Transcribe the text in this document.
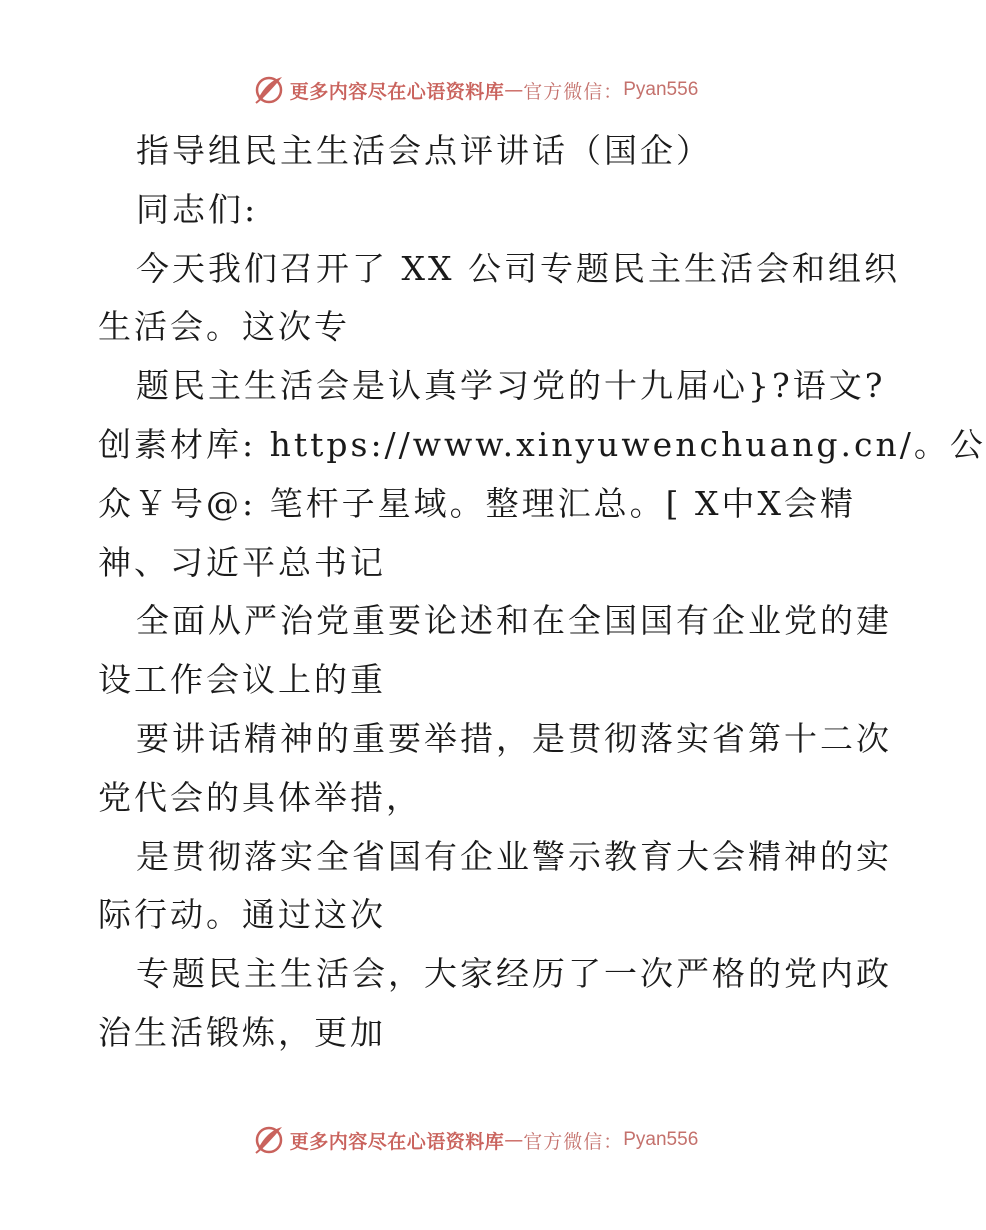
更多内容尽在心语资料库 — 官方微信： Pyan556
指导组民主生活会点评讲话（国企）
同志们:
今天我们召开了 XX 公司专题民主生活会和组织
生活会。这次专
题民主生活会是认真学习党的十九届心}?语文?
创素材库: https://www.xinyuwenchuang.cn/。公
众￥号@: 笔杆子星域。整理汇总。[ X中X会精
神、习近平总书记
全面从严治党重要论述和在全国国有企业党的建
设工作会议上的重
要讲话精神的重要举措，是贯彻落实省第十二次
党代会的具体举措，
是贯彻落实全省国有企业警示教育大会精神的实
际行动。通过这次
专题民主生活会，大家经历了一次严格的党内政
治生活锻炼，更加
更多内容尽在心语资料库 — 官方微信： Pyan556
